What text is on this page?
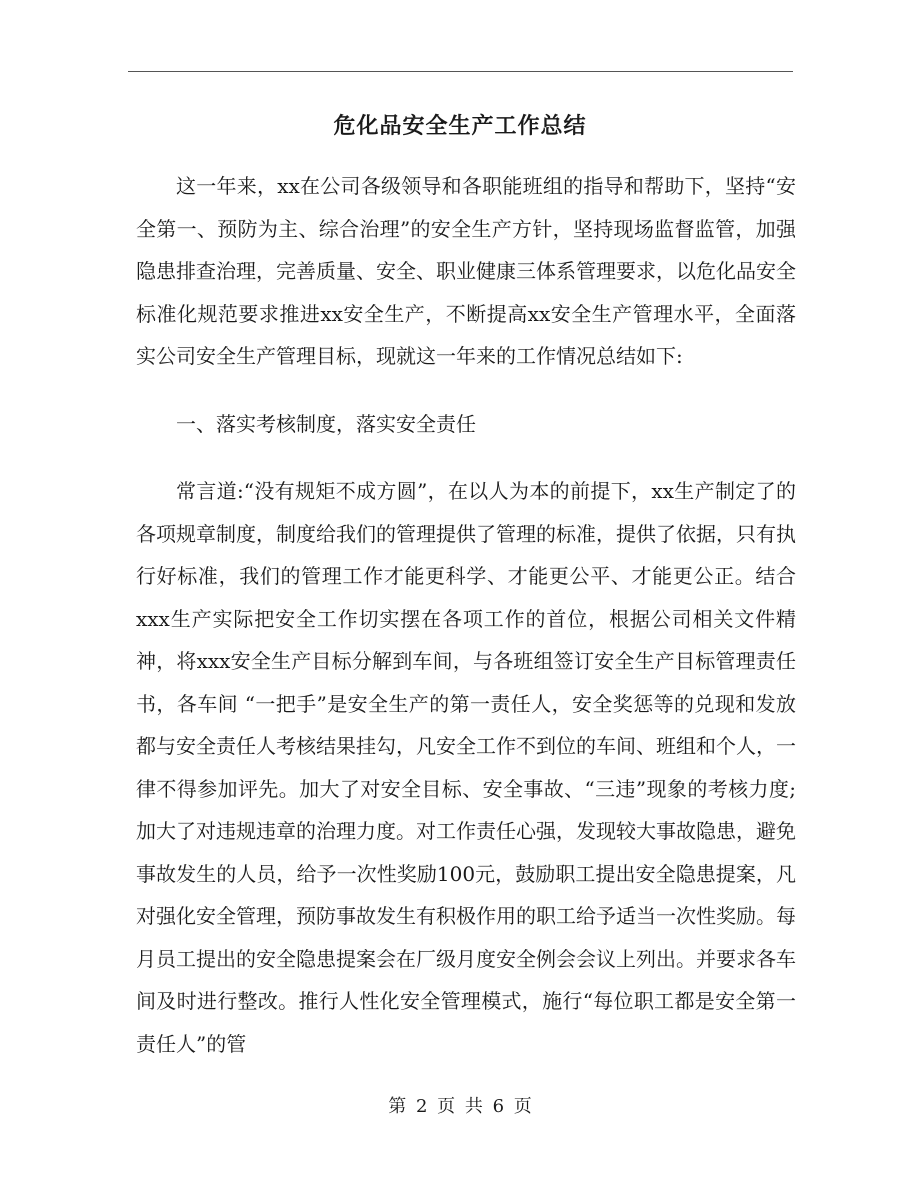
危化品安全生产工作总结

这一年来，xx在公司各级领导和各职能班组的指导和帮助下，坚持“安全第一、预防为主、综合治理”的安全生产方针，坚持现场监督监管，加强隐患排查治理，完善质量、安全、职业健康三体系管理要求，以危化品安全标准化规范要求推进xx安全生产，不断提高xx安全生产管理水平，全面落实公司安全生产管理目标，现就这一年来的工作情况总结如下:

一、落实考核制度，落实安全责任

常言道:“没有规矩不成方圆”，在以人为本的前提下，xx生产制定了的各项规章制度，制度给我们的管理提供了管理的标准，提供了依据，只有执行好标准，我们的管理工作才能更科学、才能更公平、才能更公正。结合xxx生产实际把安全工作切实摆在各项工作的首位，根据公司相关文件精神，将xxx安全生产目标分解到车间，与各班组签订安全生产目标管理责任书，各车间 “一把手”是安全生产的第一责任人，安全奖惩等的兑现和发放都与安全责任人考核结果挂勾，凡安全工作不到位的车间、班组和个人，一律不得参加评先。加大了对安全目标、安全事故、“三违”现象的考核力度;加大了对违规违章的治理力度。对工作责任心强，发现较大事故隐患，避免事故发生的人员，给予一次性奖励100元，鼓励职工提出安全隐患提案，凡对强化安全管理，预防事故发生有积极作用的职工给予适当一次性奖励。每月员工提出的安全隐患提案会在厂级月度安全例会会议上列出。并要求各车间及时进行整改。推行人性化安全管理模式，施行“每位职工都是安全第一责任人”的管

第 2 页 共 6 页
